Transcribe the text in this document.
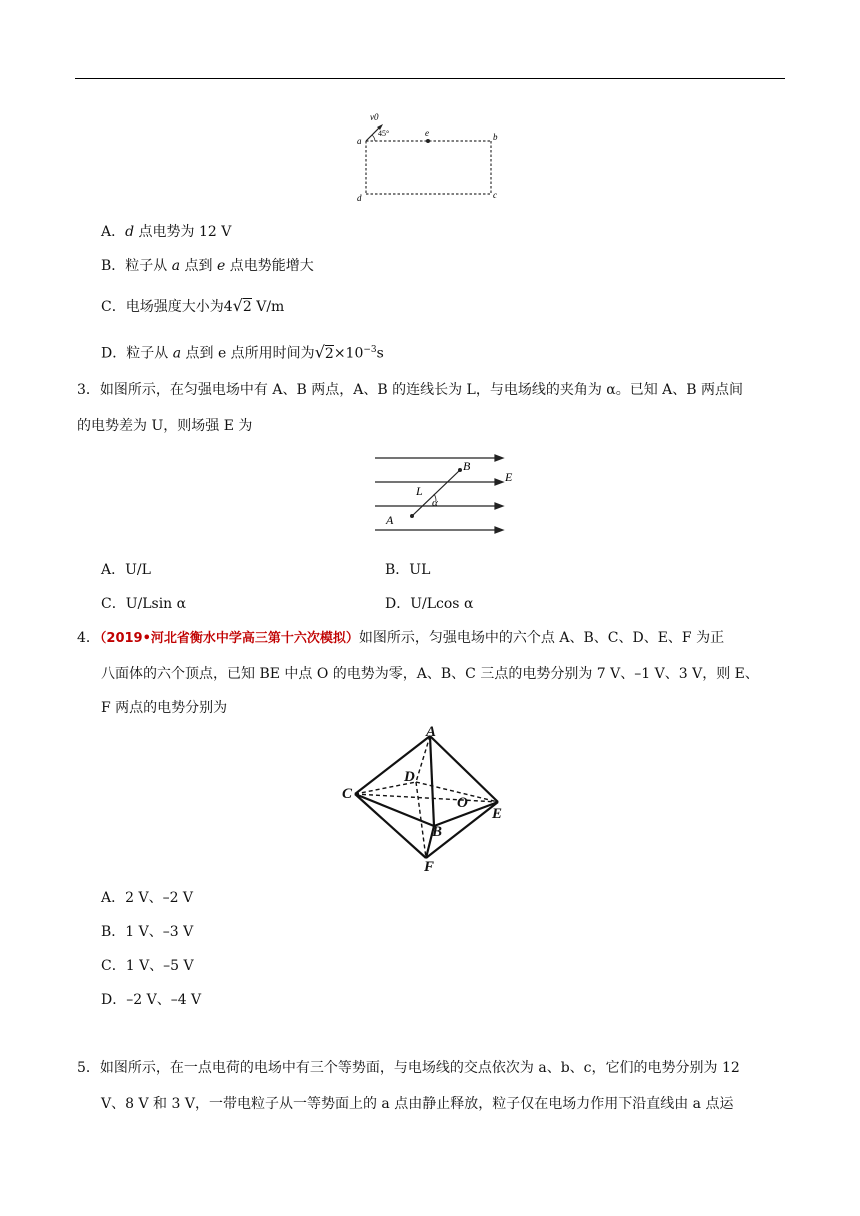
v0
45°
a
e	b
d	c
A．d 点电势为 12 V
B．粒子从 a 点到 e 点电势能增大
C．电场强度大小为4√2 V/m
D．粒子从 a 点到 e 点所用时间为$√2\times 10^{-3}s$
3．如图所示，在匀强电场中有 A、B 两点，A、B 的连线长为 L，与电场线的夹角为 α。已知 A、B 两点间
的电势差为 U，则场强 E 为
B
E
L
α
A
A．U/L	B．UL
C．U/Lsin α	D．U/Lcos α
4．（2019•河北省衡水中学高三第十六次模拟）如图所示，匀强电场中的六个点 A、B、C、D、E、F 为正
八面体的六个顶点，已知 BE 中点 O 的电势为零，A、B、C 三点的电势分别为 7 V、–1 V、3 V，则 E、
F 两点的电势分别为
A
D
C
O
E
B
F
A．2 V、–2 V
B．1 V、–3 V
C．1 V、–5 V
D．–2 V、–4 V
5．如图所示，在一点电荷的电场中有三个等势面，与电场线的交点依次为 a、b、c，它们的电势分别为 12
V、8 V 和 3 V，一带电粒子从一等势面上的 a 点由静止释放，粒子仅在电场力作用下沿直线由 a 点运
